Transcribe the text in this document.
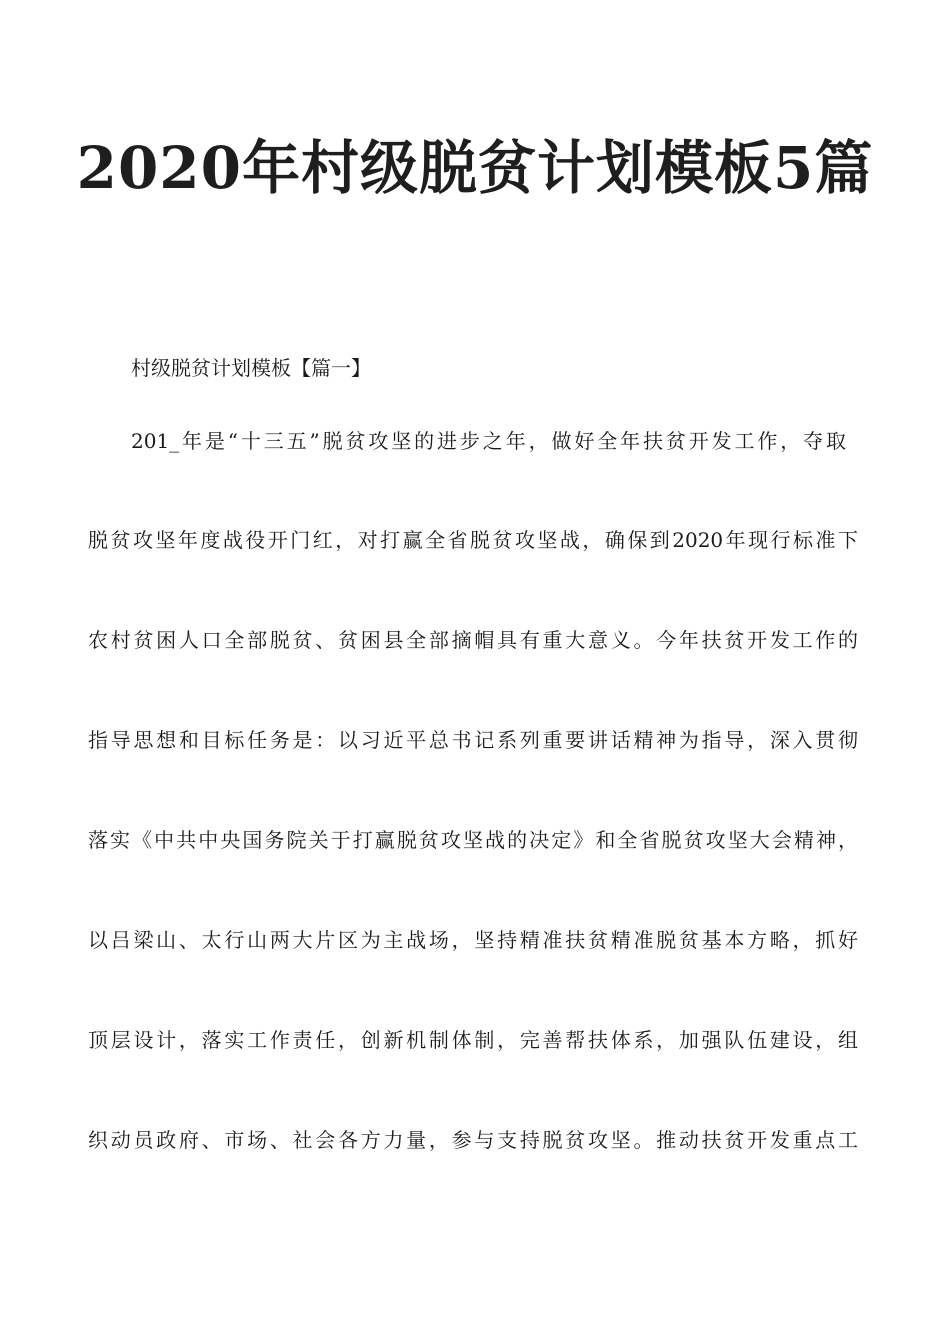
2020年村级脱贫计划模板5篇

村级脱贫计划模板【篇一】

201_年是“十三五”脱贫攻坚的进步之年，做好全年扶贫开发工作，夺取

脱贫攻坚年度战役开门红，对打赢全省脱贫攻坚战，确保到2020年现行标准下

农村贫困人口全部脱贫、贫困县全部摘帽具有重大意义。今年扶贫开发工作的

指导思想和目标任务是：以习近平总书记系列重要讲话精神为指导，深入贯彻

落实《中共中央国务院关于打赢脱贫攻坚战的决定》和全省脱贫攻坚大会精神，

以吕梁山、太行山两大片区为主战场，坚持精准扶贫精准脱贫基本方略，抓好

顶层设计，落实工作责任，创新机制体制，完善帮扶体系，加强队伍建设，组

织动员政府、市场、社会各方力量，参与支持脱贫攻坚。推动扶贫开发重点工
